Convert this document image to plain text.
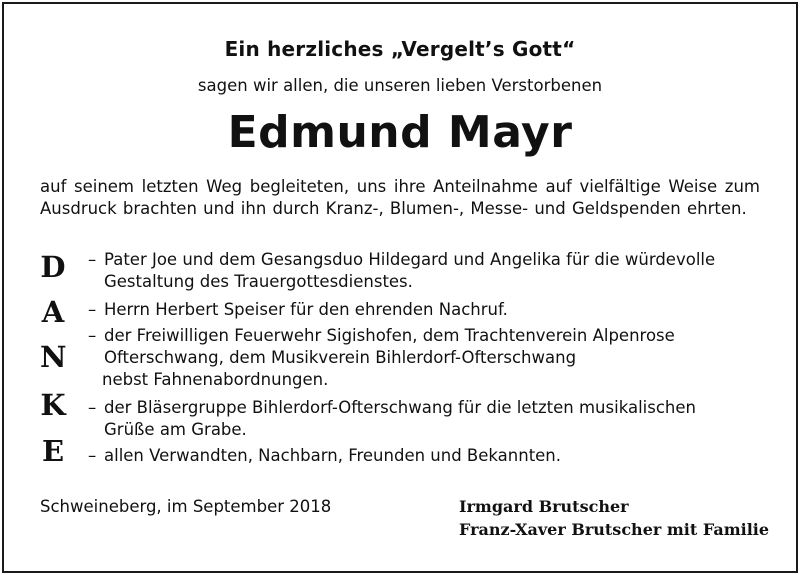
Ein herzliches „Vergelt’s Gott“
sagen wir allen, die unseren lieben Verstorbenen
Edmund Mayr
auf seinem letzten Weg begleiteten, uns ihre Anteilnahme auf vielfältige Weise zum Ausdruck brachten und ihn durch Kranz-, Blumen-, Messe- und Geldspenden ehrten.
D
A
N
K
E
– Pater Joe und dem Gesangsduo Hildegard und Angelika für die würdevolle
Gestaltung des Trauergottesdienstes.
– Herrn Herbert Speiser für den ehrenden Nachruf.
– der Freiwilligen Feuerwehr Sigishofen, dem Trachtenverein Alpenrose
Ofterschwang, dem Musikverein Bihlerdorf-Ofterschwang
nebst Fahnenabordnungen.
– der Bläsergruppe Bihlerdorf-Ofterschwang für die letzten musikalischen
Grüße am Grabe.
– allen Verwandten, Nachbarn, Freunden und Bekannten.
Schweineberg, im September 2018	Irmgard Brutscher
Franz-Xaver Brutscher mit Familie
